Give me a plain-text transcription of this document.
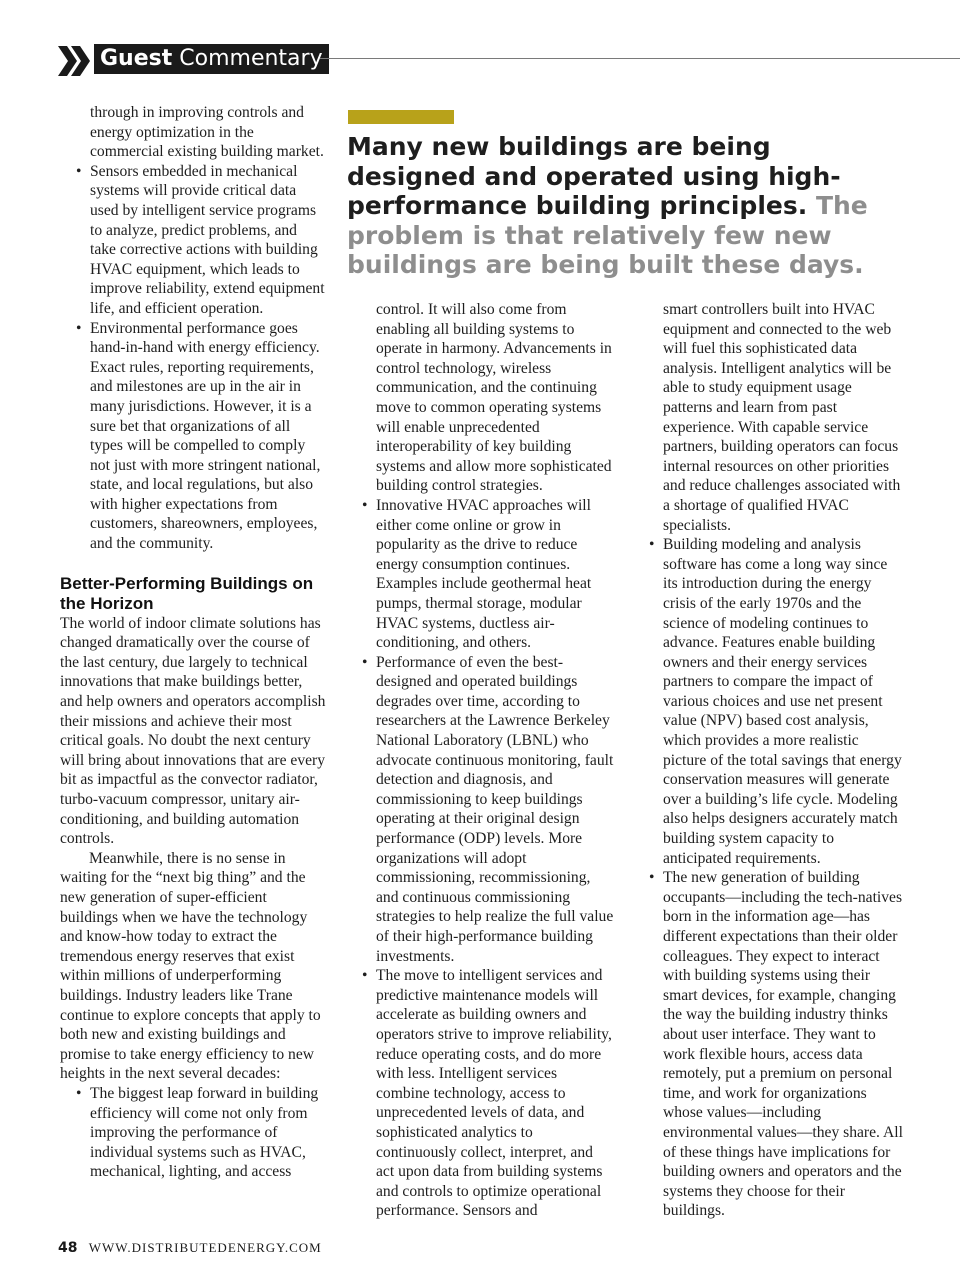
Guest Commentary

through in improving controls and energy optimization in the commercial existing building market.

• Sensors embedded in mechanical systems will provide critical data used by intelligent service programs to analyze, predict problems, and take corrective actions with building HVAC equipment, which leads to improve reliability, extend equipment life, and efficient operation.
• Environmental performance goes hand-in-hand with energy efficiency. Exact rules, reporting requirements, and milestones are up in the air in many jurisdictions. However, it is a sure bet that organizations of all types will be compelled to comply not just with more stringent national, state, and local regulations, but also with higher expectations from customers, shareowners, employees, and the community.
Better-Performing Buildings on the Horizon

The world of indoor climate solutions has changed dramatically over the course of the last century, due largely to technical innovations that make buildings better, and help owners and operators accomplish their missions and achieve their most critical goals. No doubt the next century will bring about innovations that are every bit as impactful as the convector radiator, turbo-vacuum compressor, unitary air-conditioning, and building automation controls.

Meanwhile, there is no sense in waiting for the “next big thing” and the new generation of super-efficient buildings when we have the technology and know-how today to extract the tremendous energy reserves that exist within millions of underperforming buildings. Industry leaders like Trane continue to explore concepts that apply to both new and existing buildings and promise to take energy efficiency to new heights in the next several decades:

• The biggest leap forward in building efficiency will come not only from improving the performance of individual systems such as HVAC, mechanical, lighting, and access
Many new buildings are being designed and operated using high-performance building principles. The problem is that relatively few new buildings are being built these days.

control. It will also come from enabling all building systems to operate in harmony. Advancements in control technology, wireless communication, and the continuing move to common operating systems will enable unprecedented interoperability of key building systems and allow more sophisticated building control strategies.

• Innovative HVAC approaches will either come online or grow in popularity as the drive to reduce energy consumption continues. Examples include geothermal heat pumps, thermal storage, modular HVAC systems, ductless air-conditioning, and others.
• Performance of even the best-designed and operated buildings degrades over time, according to researchers at the Lawrence Berkeley National Laboratory (LBNL) who advocate continuous monitoring, fault detection and diagnosis, and commissioning to keep buildings operating at their original design performance (ODP) levels. More organizations will adopt commissioning, recommissioning, and continuous commissioning strategies to help realize the full value of their high-performance building investments.
• The move to intelligent services and predictive maintenance models will accelerate as building owners and operators strive to improve reliability, reduce operating costs, and do more with less. Intelligent services combine technology, access to unprecedented levels of data, and sophisticated analytics to continuously collect, interpret, and act upon data from building systems and controls to optimize operational performance. Sensors and

smart controllers built into HVAC equipment and connected to the web will fuel this sophisticated data analysis. Intelligent analytics will be able to study equipment usage patterns and learn from past experience. With capable service partners, building operators can focus internal resources on other priorities and reduce challenges associated with a shortage of qualified HVAC specialists.

• Building modeling and analysis software has come a long way since its introduction during the energy crisis of the early 1970s and the science of modeling continues to advance. Features enable building owners and their energy services partners to compare the impact of various choices and use net present value (NPV) based cost analysis, which provides a more realistic picture of the total savings that energy conservation measures will generate over a building’s life cycle. Modeling also helps designers accurately match building system capacity to anticipated requirements.
• The new generation of building occupants—including the tech-natives born in the information age—has different expectations than their older colleagues. They expect to interact with building systems using their smart devices, for example, changing the way the building industry thinks about user interface. They want to work flexible hours, access data remotely, put a premium on personal time, and work for organizations whose values—including environmental values—they share. All of these things have implications for building owners and operators and the systems they choose for their buildings.
48 WWW.DISTRIBUTEDENERGY.COM
